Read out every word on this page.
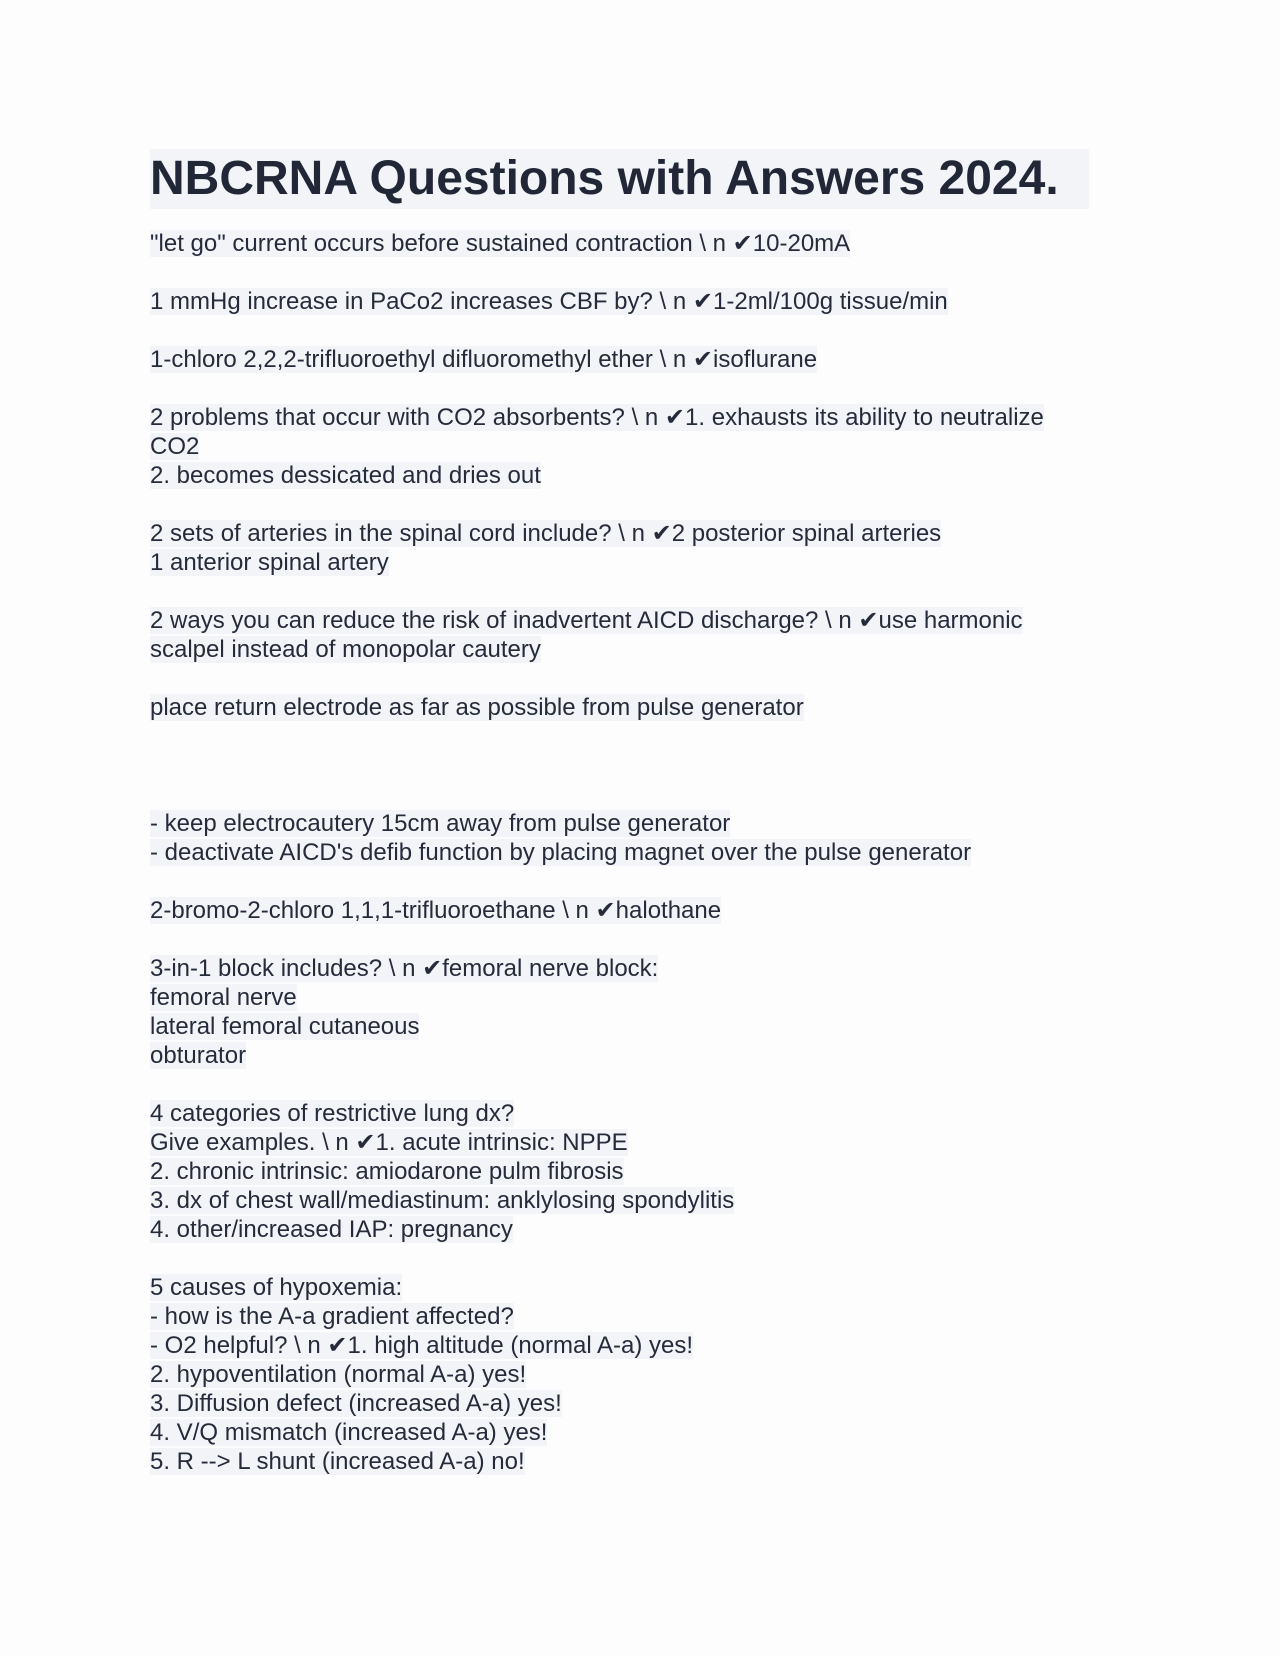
NBCRNA Questions with Answers 2024.
"let go" current occurs before sustained contraction \ n ✔10-20mA
1 mmHg increase in PaCo2 increases CBF by? \ n ✔1-2ml/100g tissue/min
1-chloro 2,2,2-trifluoroethyl difluoromethyl ether \ n ✔isoflurane
2 problems that occur with CO2 absorbents? \ n ✔1. exhausts its ability to neutralize
CO2
2. becomes dessicated and dries out
2 sets of arteries in the spinal cord include? \ n ✔2 posterior spinal arteries
1 anterior spinal artery
2 ways you can reduce the risk of inadvertent AICD discharge? \ n ✔use harmonic
scalpel instead of monopolar cautery
place return electrode as far as possible from pulse generator
- keep electrocautery 15cm away from pulse generator
- deactivate AICD's defib function by placing magnet over the pulse generator
2-bromo-2-chloro 1,1,1-trifluoroethane \ n ✔halothane
3-in-1 block includes? \ n ✔femoral nerve block:
femoral nerve
lateral femoral cutaneous
obturator
4 categories of restrictive lung dx?
Give examples. \ n ✔1. acute intrinsic: NPPE
2. chronic intrinsic: amiodarone pulm fibrosis
3. dx of chest wall/mediastinum: anklylosing spondylitis
4. other/increased IAP: pregnancy
5 causes of hypoxemia:
- how is the A-a gradient affected?
- O2 helpful? \ n ✔1. high altitude (normal A-a) yes!
2. hypoventilation (normal A-a) yes!
3. Diffusion defect (increased A-a) yes!
4. V/Q mismatch (increased A-a) yes!
5. R --> L shunt (increased A-a) no!
